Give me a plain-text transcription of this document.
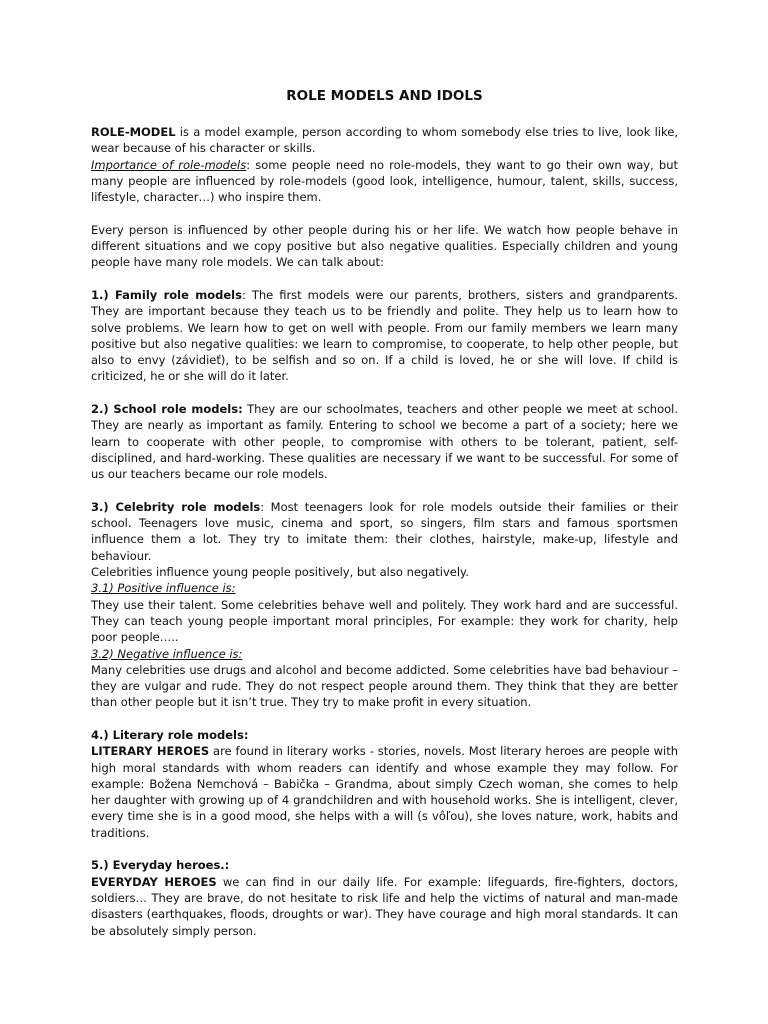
ROLE MODELS AND IDOLS

ROLE-MODEL is a model example, person according to whom somebody else tries to live, look like, wear because of his character or skills.

Importance of role-models: some people need no role-models, they want to go their own way, but many people are influenced by role-models (good look, intelligence, humour, talent, skills, success, lifestyle, character…) who inspire them.

Every person is influenced by other people during his or her life. We watch how people behave in different situations and we copy positive but also negative qualities. Especially children and young people have many role models. We can talk about:

1.) Family role models: The first models were our parents, brothers, sisters and grandparents. They are important because they teach us to be friendly and polite. They help us to learn how to solve problems. We learn how to get on well with people. From our family members we learn many positive but also negative qualities: we learn to compromise, to cooperate, to help other people, but also to envy (závidieť), to be selfish and so on. If a child is loved, he or she will love. If child is criticized, he or she will do it later.

2.) School role models: They are our schoolmates, teachers and other people we meet at school. They are nearly as important as family. Entering to school we become a part of a society; here we learn to cooperate with other people, to compromise with others to be tolerant, patient, self-disciplined, and hard-working. These qualities are necessary if we want to be successful. For some of us our teachers became our role models.

3.) Celebrity role models: Most teenagers look for role models outside their families or their school. Teenagers love music, cinema and sport, so singers, film stars and famous sportsmen influence them a lot. They try to imitate them: their clothes, hairstyle, make-up, lifestyle and behaviour.

Celebrities influence young people positively, but also negatively.

3.1) Positive influence is:

They use their talent. Some celebrities behave well and politely. They work hard and are successful. They can teach young people important moral principles, For example: they work for charity, help poor people…..

3.2) Negative influence is:

Many celebrities use drugs and alcohol and become addicted. Some celebrities have bad behaviour – they are vulgar and rude. They do not respect people around them. They think that they are better than other people but it isn’t true. They try to make profit in every situation.

4.) Literary role models:

LITERARY HEROES are found in literary works - stories, novels. Most literary heroes are people with high moral standards with whom readers can identify and whose example they may follow. For example: Božena Nemchová – Babička – Grandma, about simply Czech woman, she comes to help her daughter with growing up of 4 grandchildren and with household works. She is intelligent, clever, every time she is in a good mood, she helps with a will (s vôľou), she loves nature, work, habits and traditions.

5.) Everyday heroes.:

EVERYDAY HEROES we can find in our daily life. For example: lifeguards, fire-fighters, doctors, soldiers… They are brave, do not hesitate to risk life and help the victims of natural and man-made disasters (earthquakes, floods, droughts or war). They have courage and high moral standards. It can be absolutely simply person.
